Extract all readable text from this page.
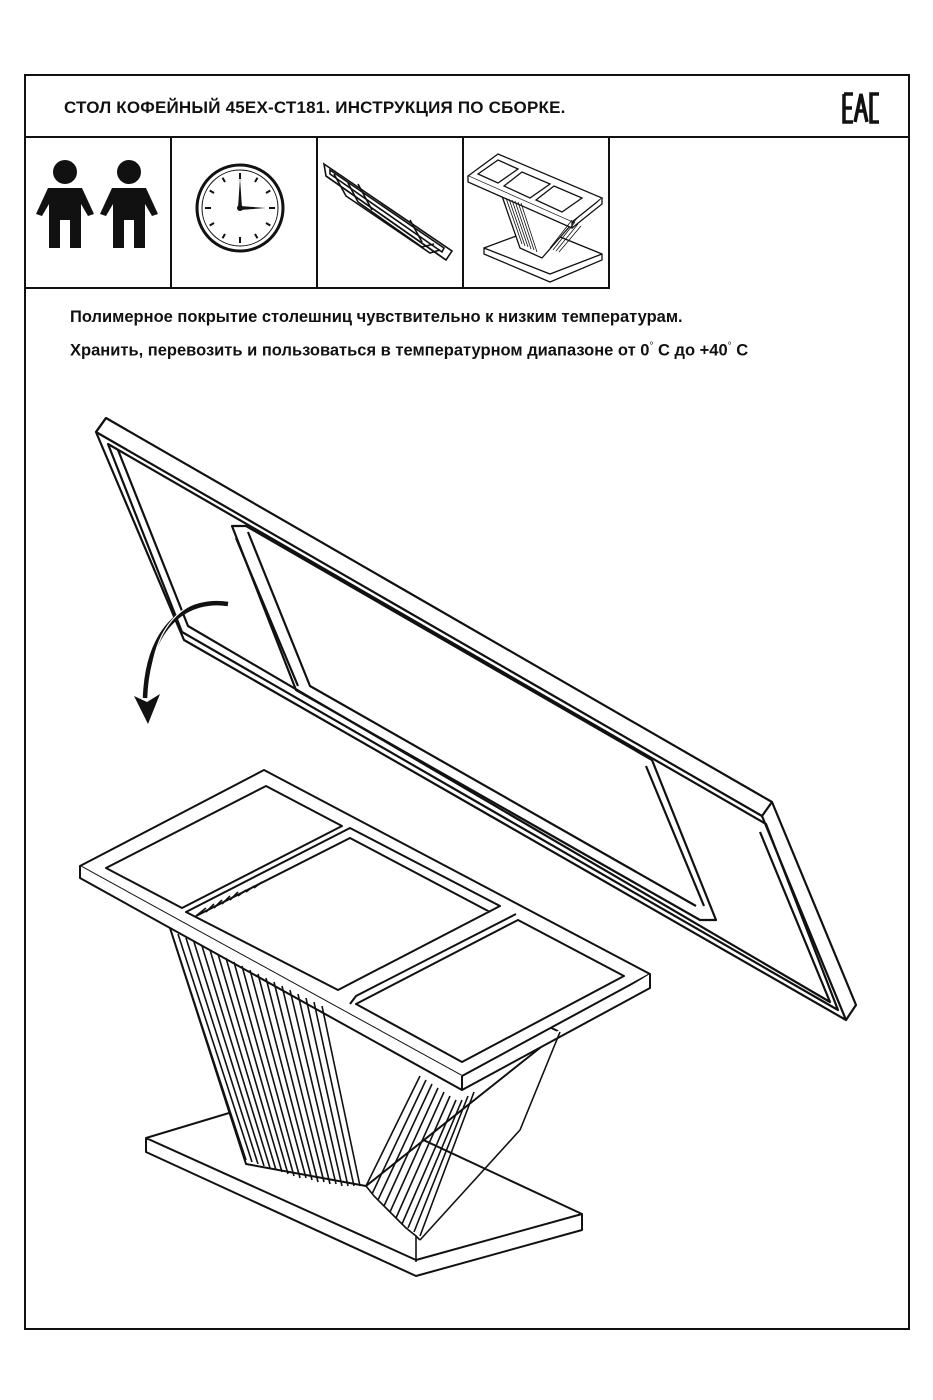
СТОЛ КОФЕЙНЫЙ 45ЕХ-СТ181. ИНСТРУКЦИЯ ПО СБОРКЕ.
Полимерное покрытие столешниц чувствительно к низким температурам.
Хранить, перевозить и пользоваться в температурном диапазоне от 0° С до +40° С
